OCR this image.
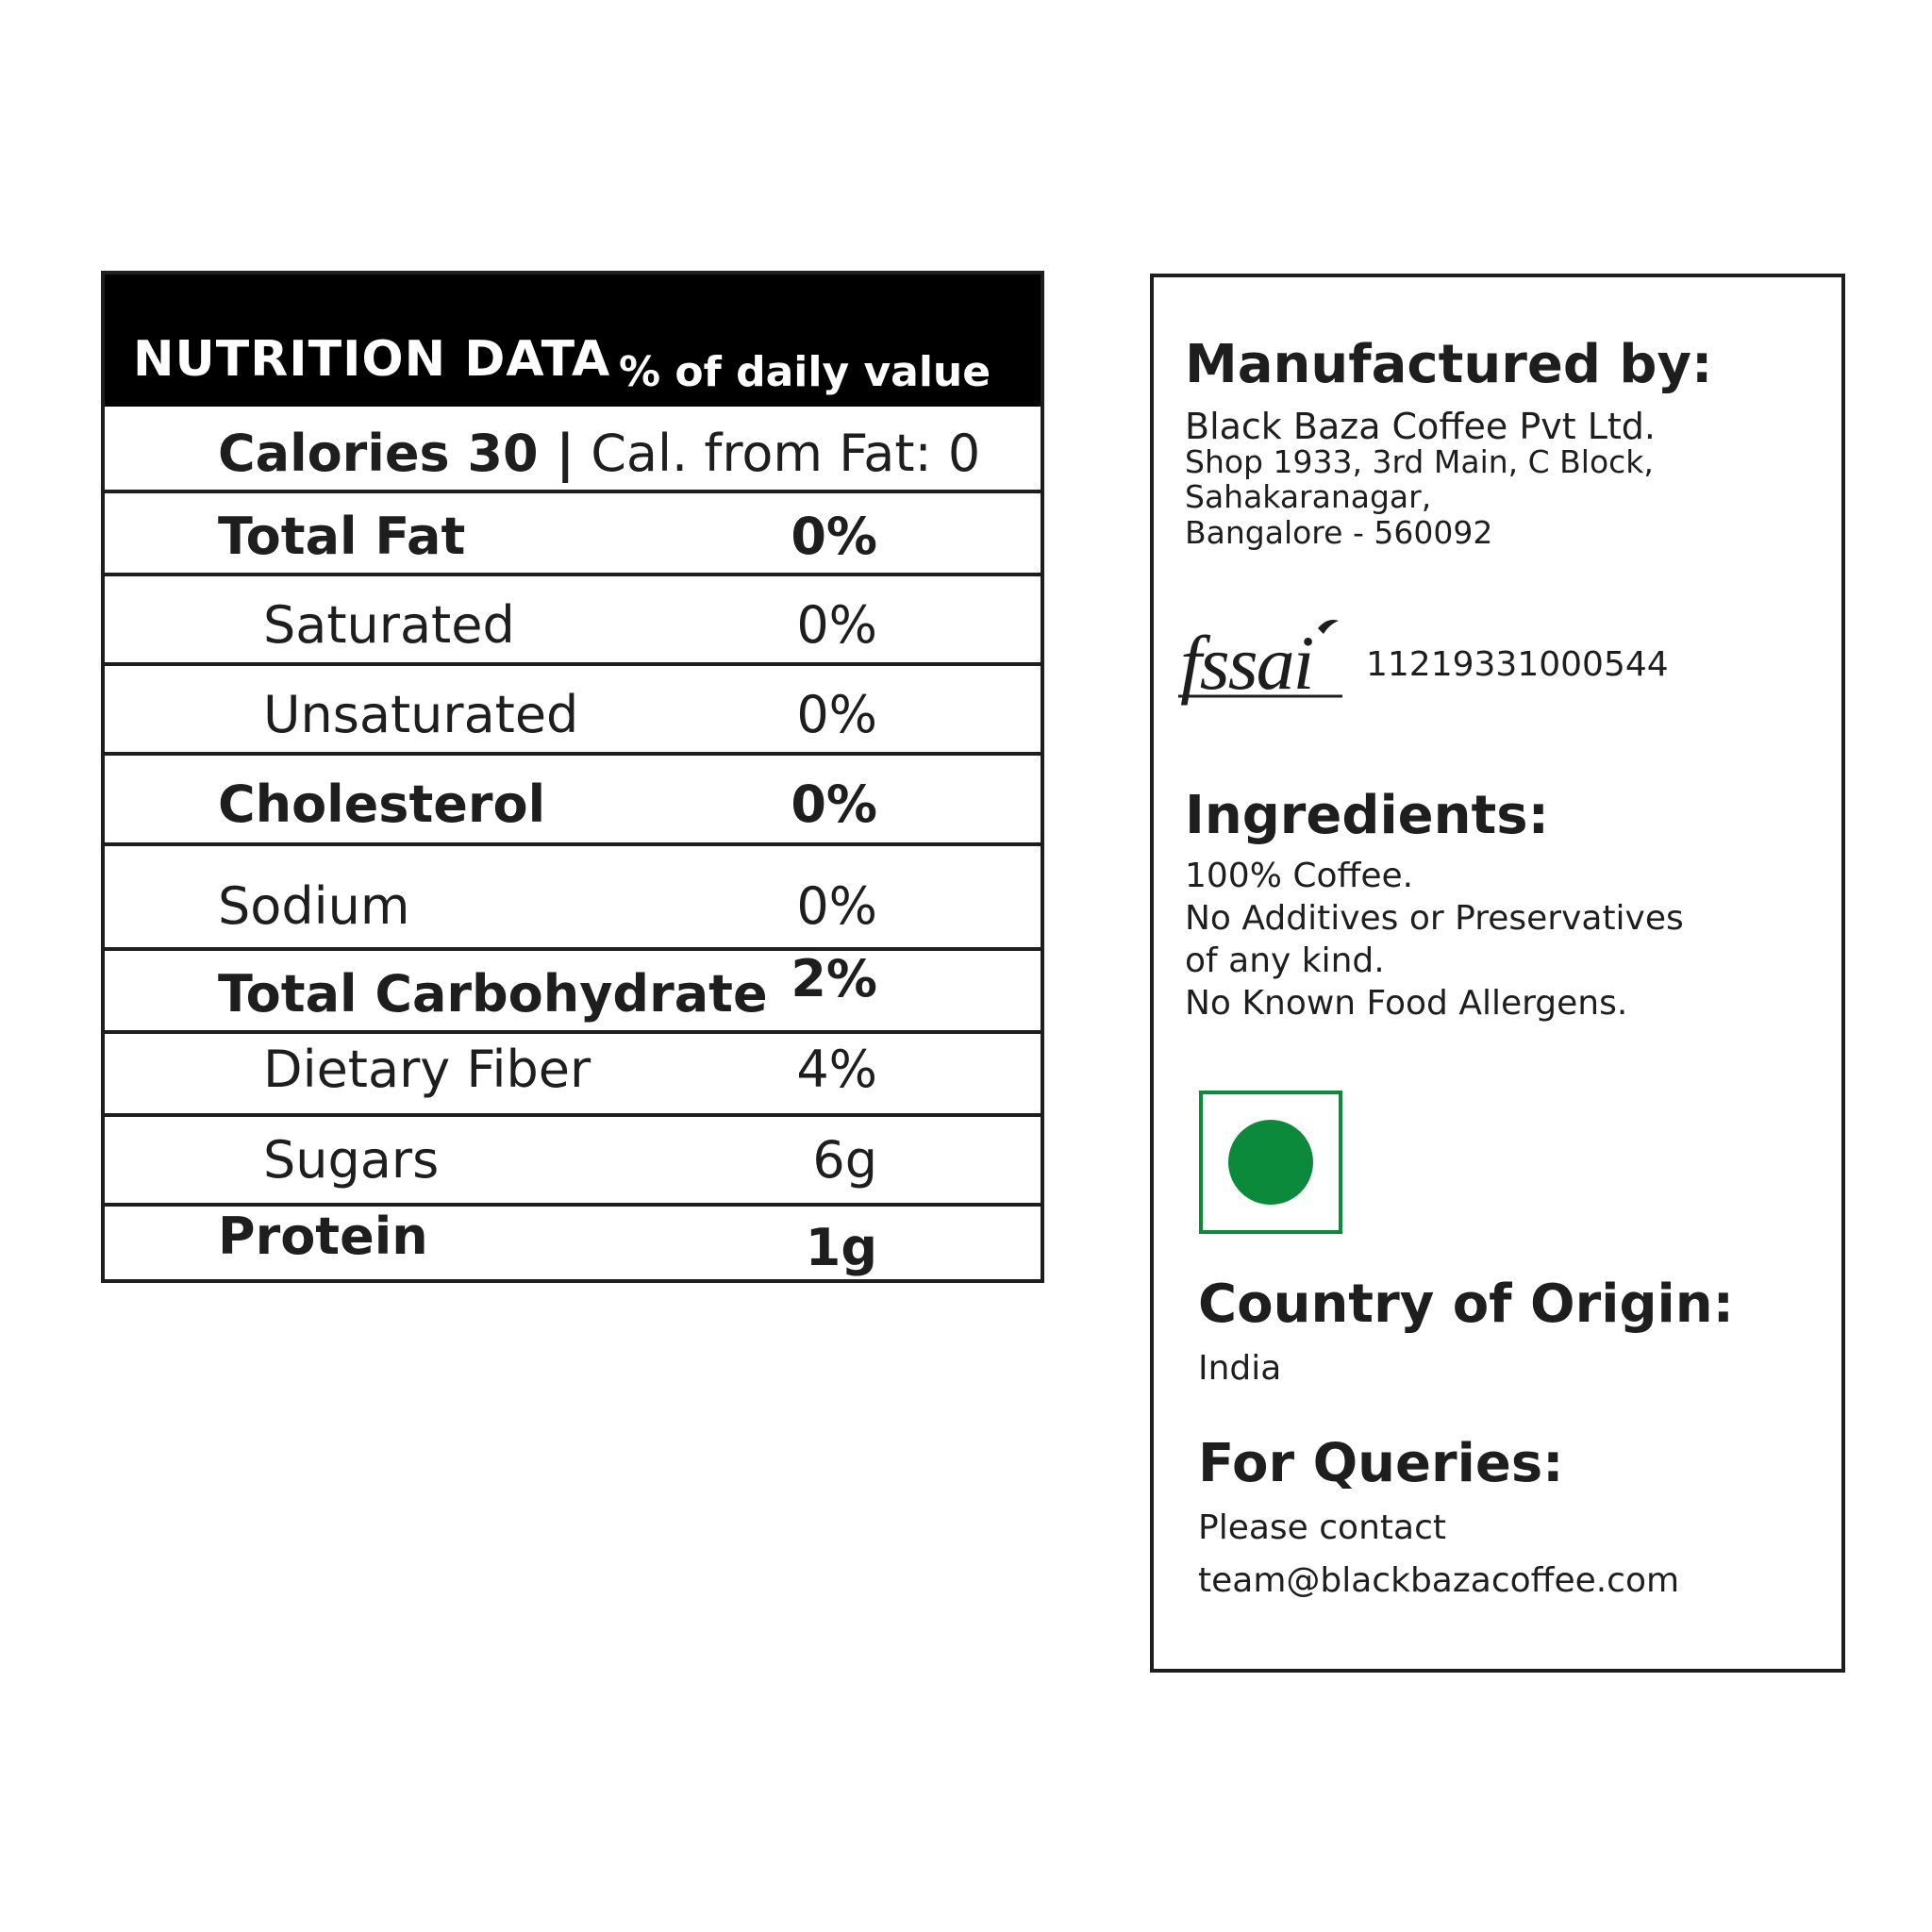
NUTRITION DATA % of daily value
Calories 30 | Cal. from Fat: 0
Total Fat	0%
Saturated	0%
Unsaturated	0%
Cholesterol	0%
Sodium	0%
Total Carbohydrate 2%
Dietary Fiber	4%
Sugars	6g
Protein	1g
Manufactured by:
Black Baza Coffee Pvt Ltd.
Shop 1933, 3rd Main, C Block,
Sahakaranagar,
Bangalore - 560092
fssai 11219331000544
Ingredients:
100% Coffee.
No Additives or Preservatives
of any kind.
No Known Food Allergens.
Country of Origin:
India
For Queries:
Please contact
team@blackbazacoffee.com
